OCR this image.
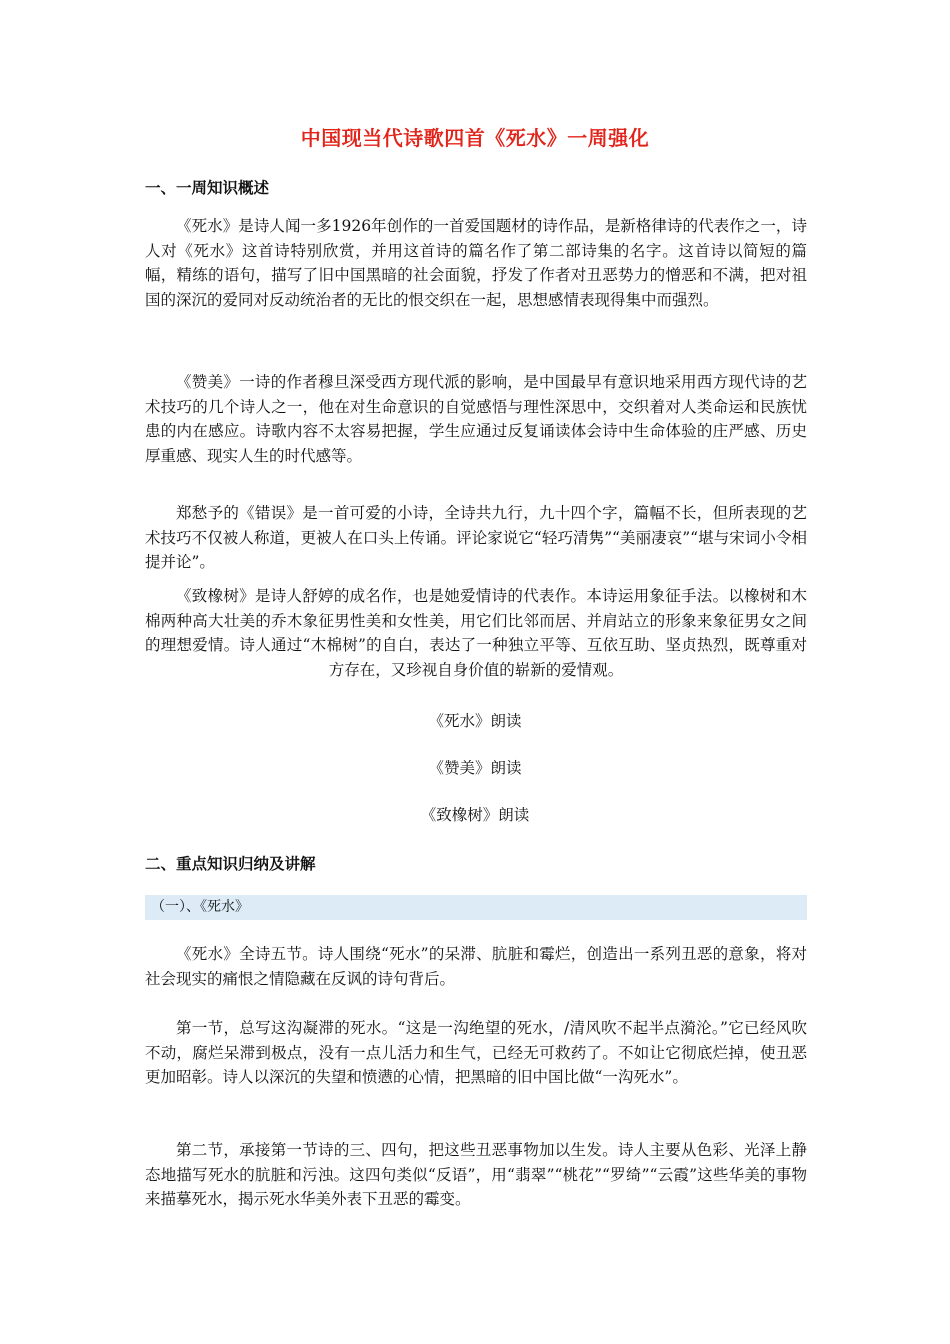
中国现当代诗歌四首《死水》一周强化
一、一周知识概述

《死水》是诗人闻一多1926年创作的一首爱国题材的诗作品，是新格律诗的代表作之一，诗人对《死水》这首诗特别欣赏，并用这首诗的篇名作了第二部诗集的名字。这首诗以简短的篇幅，精练的语句，描写了旧中国黑暗的社会面貌，抒发了作者对丑恶势力的憎恶和不满，把对祖国的深沉的爱同对反动统治者的无比的恨交织在一起，思想感情表现得集中而强烈。

《赞美》一诗的作者穆旦深受西方现代派的影响，是中国最早有意识地采用西方现代诗的艺术技巧的几个诗人之一，他在对生命意识的自觉感悟与理性深思中，交织着对人类命运和民族忧患的内在感应。诗歌内容不太容易把握，学生应通过反复诵读体会诗中生命体验的庄严感、历史厚重感、现实人生的时代感等。

郑愁予的《错误》是一首可爱的小诗，全诗共九行，九十四个字，篇幅不长，但所表现的艺术技巧不仅被人称道，更被人在口头上传诵。评论家说它“轻巧清隽”“美丽凄哀”“堪与宋词小令相提并论”。

《致橡树》是诗人舒婷的成名作，也是她爱情诗的代表作。本诗运用象征手法。以橡树和木棉两种高大壮美的乔木象征男性美和女性美，用它们比邻而居、并肩站立的形象来象征男女之间的理想爱情。诗人通过“木棉树”的自白，表达了一种独立平等、互依互助、坚贞热烈，既尊重对方存在，又珍视自身价值的崭新的爱情观。

《死水》朗读
《赞美》朗读
《致橡树》朗读
二、重点知识归纳及讲解
（一）、《死水》

《死水》全诗五节。诗人围绕“死水”的呆滞、肮脏和霉烂，创造出一系列丑恶的意象，将对社会现实的痛恨之情隐藏在反讽的诗句背后。

第一节，总写这沟凝滞的死水。“这是一沟绝望的死水，/清风吹不起半点漪沦。”它已经风吹不动，腐烂呆滞到极点，没有一点儿活力和生气，已经无可救药了。不如让它彻底烂掉，使丑恶更加昭彰。诗人以深沉的失望和愤懑的心情，把黑暗的旧中国比做“一沟死水”。

第二节，承接第一节诗的三、四句，把这些丑恶事物加以生发。诗人主要从色彩、光泽上静态地描写死水的肮脏和污浊。这四句类似“反语”，用“翡翠”“桃花”“罗绮”“云霞”这些华美的事物来描摹死水，揭示死水华美外表下丑恶的霉变。
